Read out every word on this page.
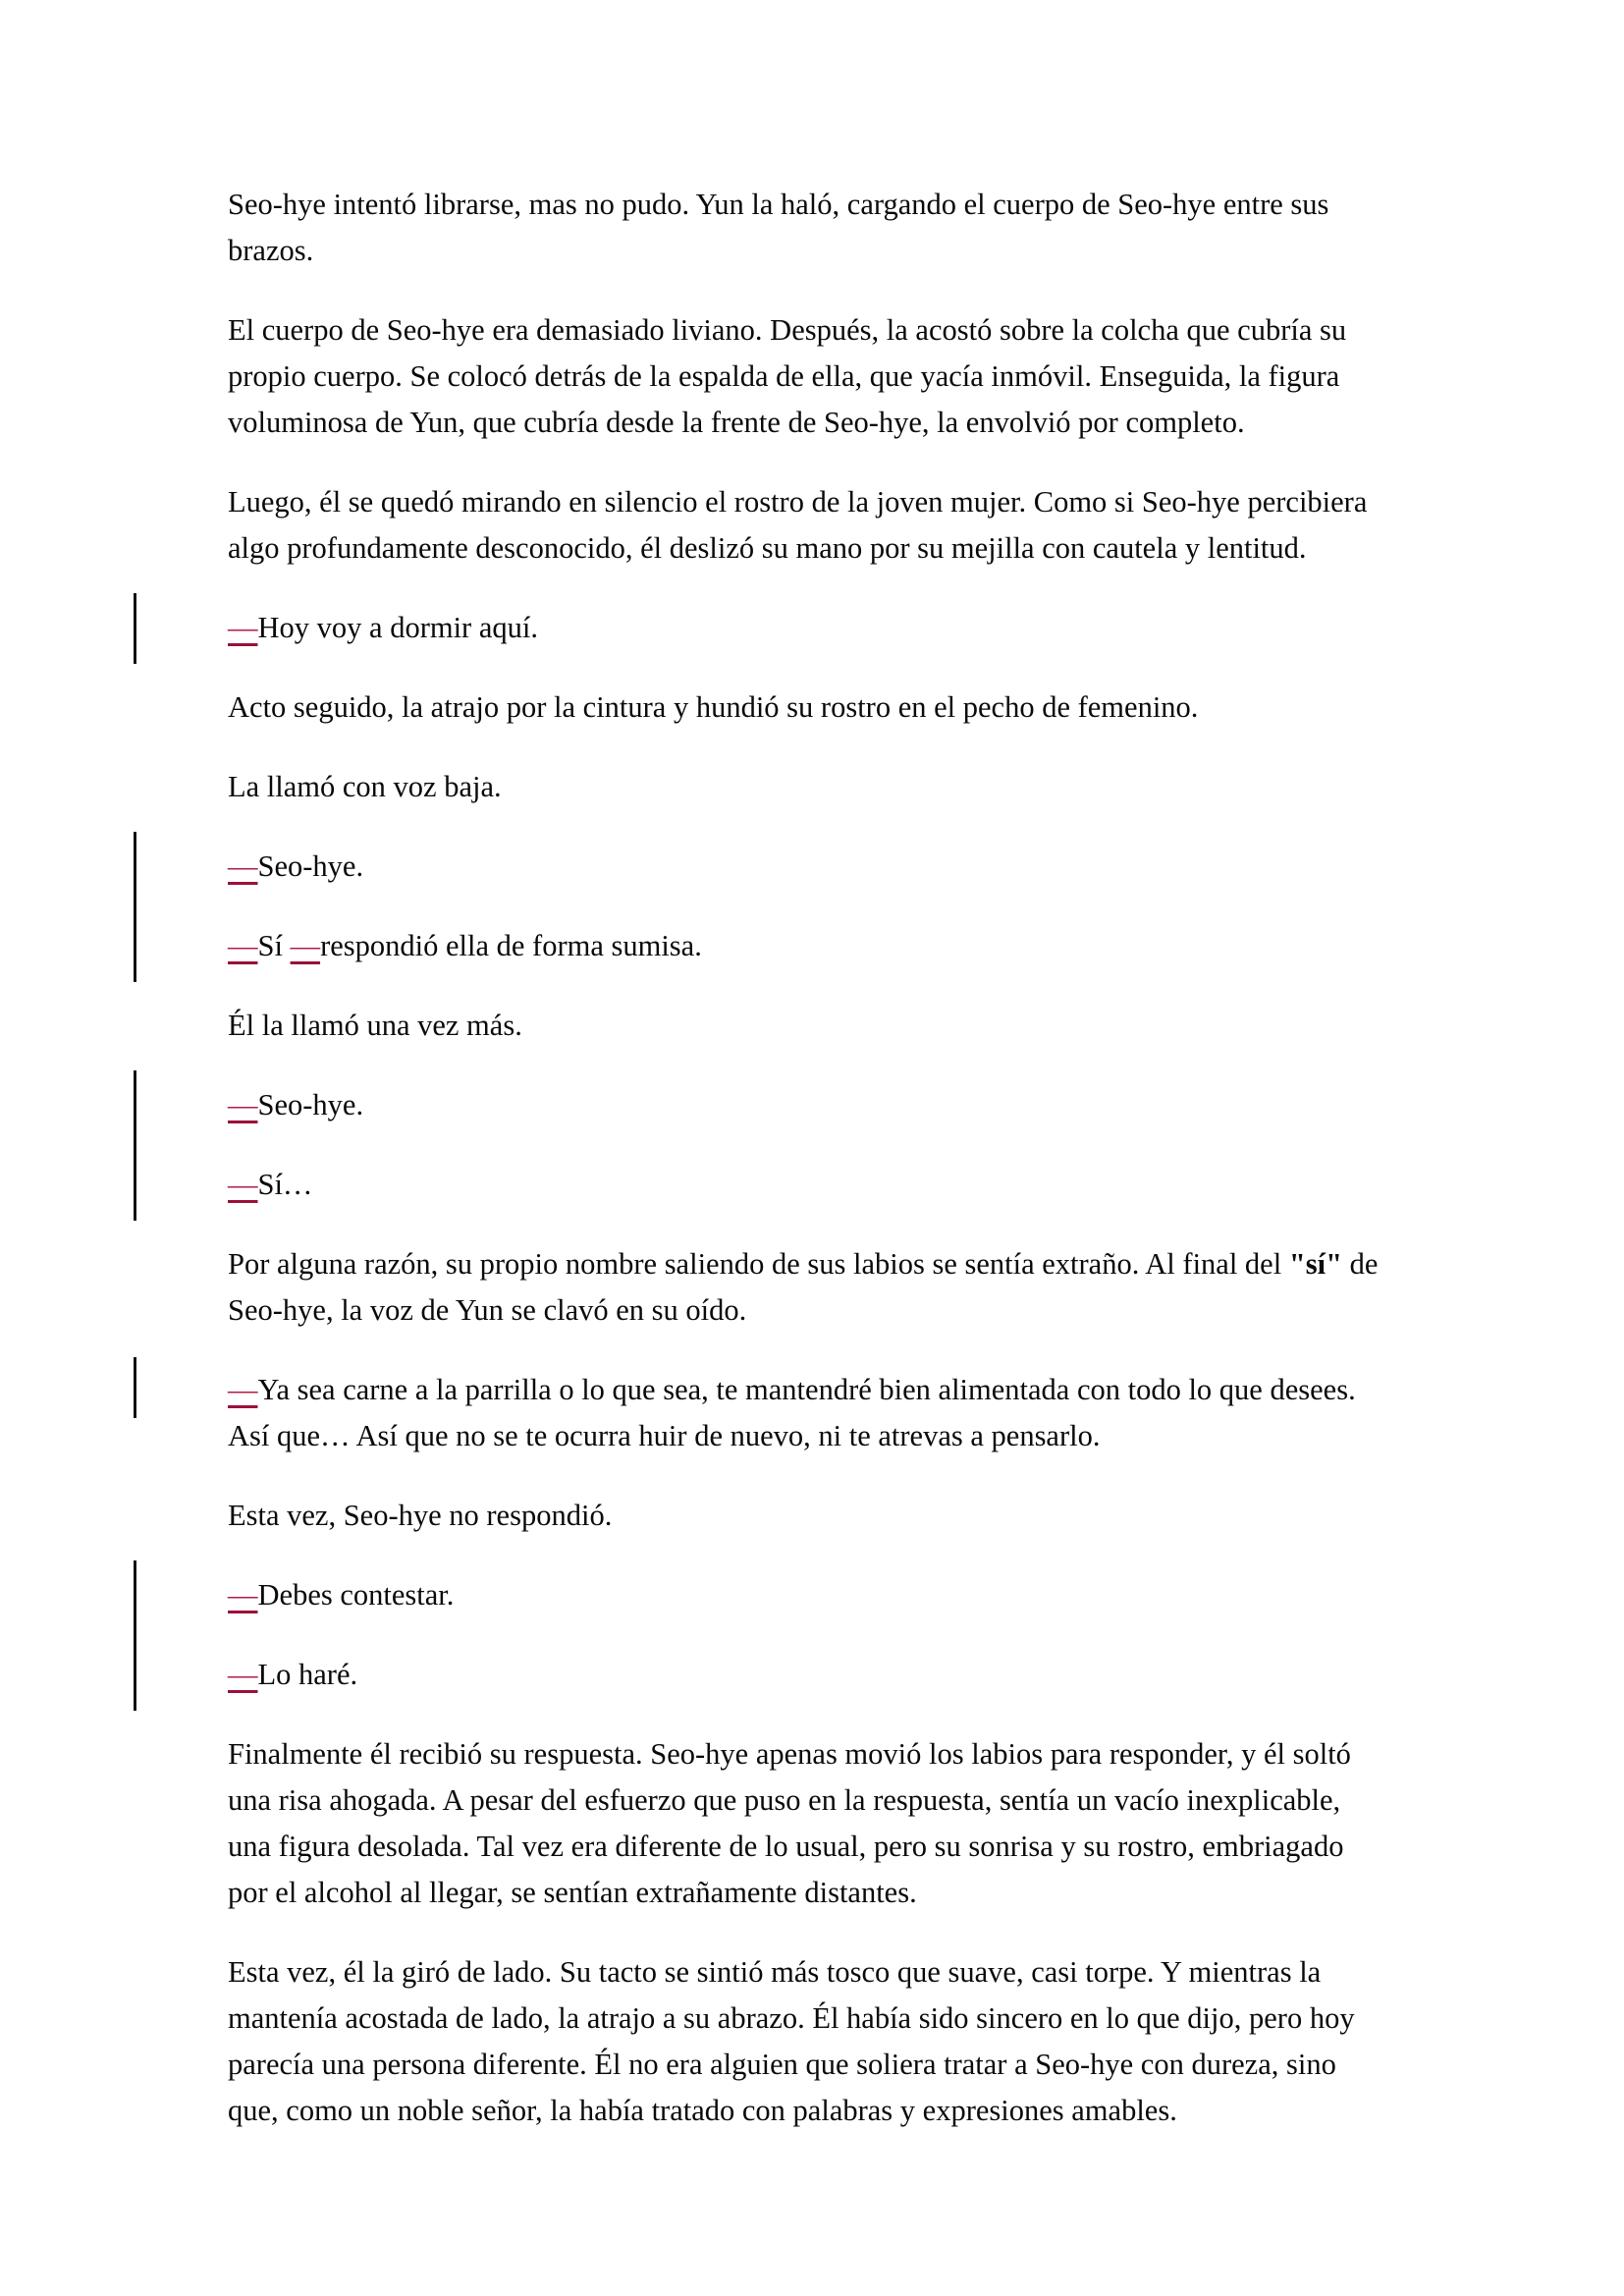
Seo-hye intentó librarse, mas no pudo. Yun la haló, cargando el cuerpo de Seo-hye entre sus brazos.

El cuerpo de Seo-hye era demasiado liviano. Después, la acostó sobre la colcha que cubría su propio cuerpo. Se colocó detrás de la espalda de ella, que yacía inmóvil. Enseguida, la figura voluminosa de Yun, que cubría desde la frente de Seo-hye, la envolvió por completo.

Luego, él se quedó mirando en silencio el rostro de la joven mujer. Como si Seo-hye percibiera algo profundamente desconocido, él deslizó su mano por su mejilla con cautela y lentitud.

—Hoy voy a dormir aquí.

Acto seguido, la atrajo por la cintura y hundió su rostro en el pecho de femenino.

La llamó con voz baja.

—Seo-hye.

—Sí —respondió ella de forma sumisa.

Él la llamó una vez más.

—Seo-hye.

—Sí…

Por alguna razón, su propio nombre saliendo de sus labios se sentía extraño. Al final del "sí" de Seo-hye, la voz de Yun se clavó en su oído.

—Ya sea carne a la parrilla o lo que sea, te mantendré bien alimentada con todo lo que desees. Así que… Así que no se te ocurra huir de nuevo, ni te atrevas a pensarlo.

Esta vez, Seo-hye no respondió.

—Debes contestar.

—Lo haré.

Finalmente él recibió su respuesta. Seo-hye apenas movió los labios para responder, y él soltó una risa ahogada. A pesar del esfuerzo que puso en la respuesta, sentía un vacío inexplicable, una figura desolada. Tal vez era diferente de lo usual, pero su sonrisa y su rostro, embriagado por el alcohol al llegar, se sentían extrañamente distantes.

Esta vez, él la giró de lado. Su tacto se sintió más tosco que suave, casi torpe. Y mientras la mantenía acostada de lado, la atrajo a su abrazo. Él había sido sincero en lo que dijo, pero hoy parecía una persona diferente. Él no era alguien que soliera tratar a Seo-hye con dureza, sino que, como un noble señor, la había tratado con palabras y expresiones amables.
